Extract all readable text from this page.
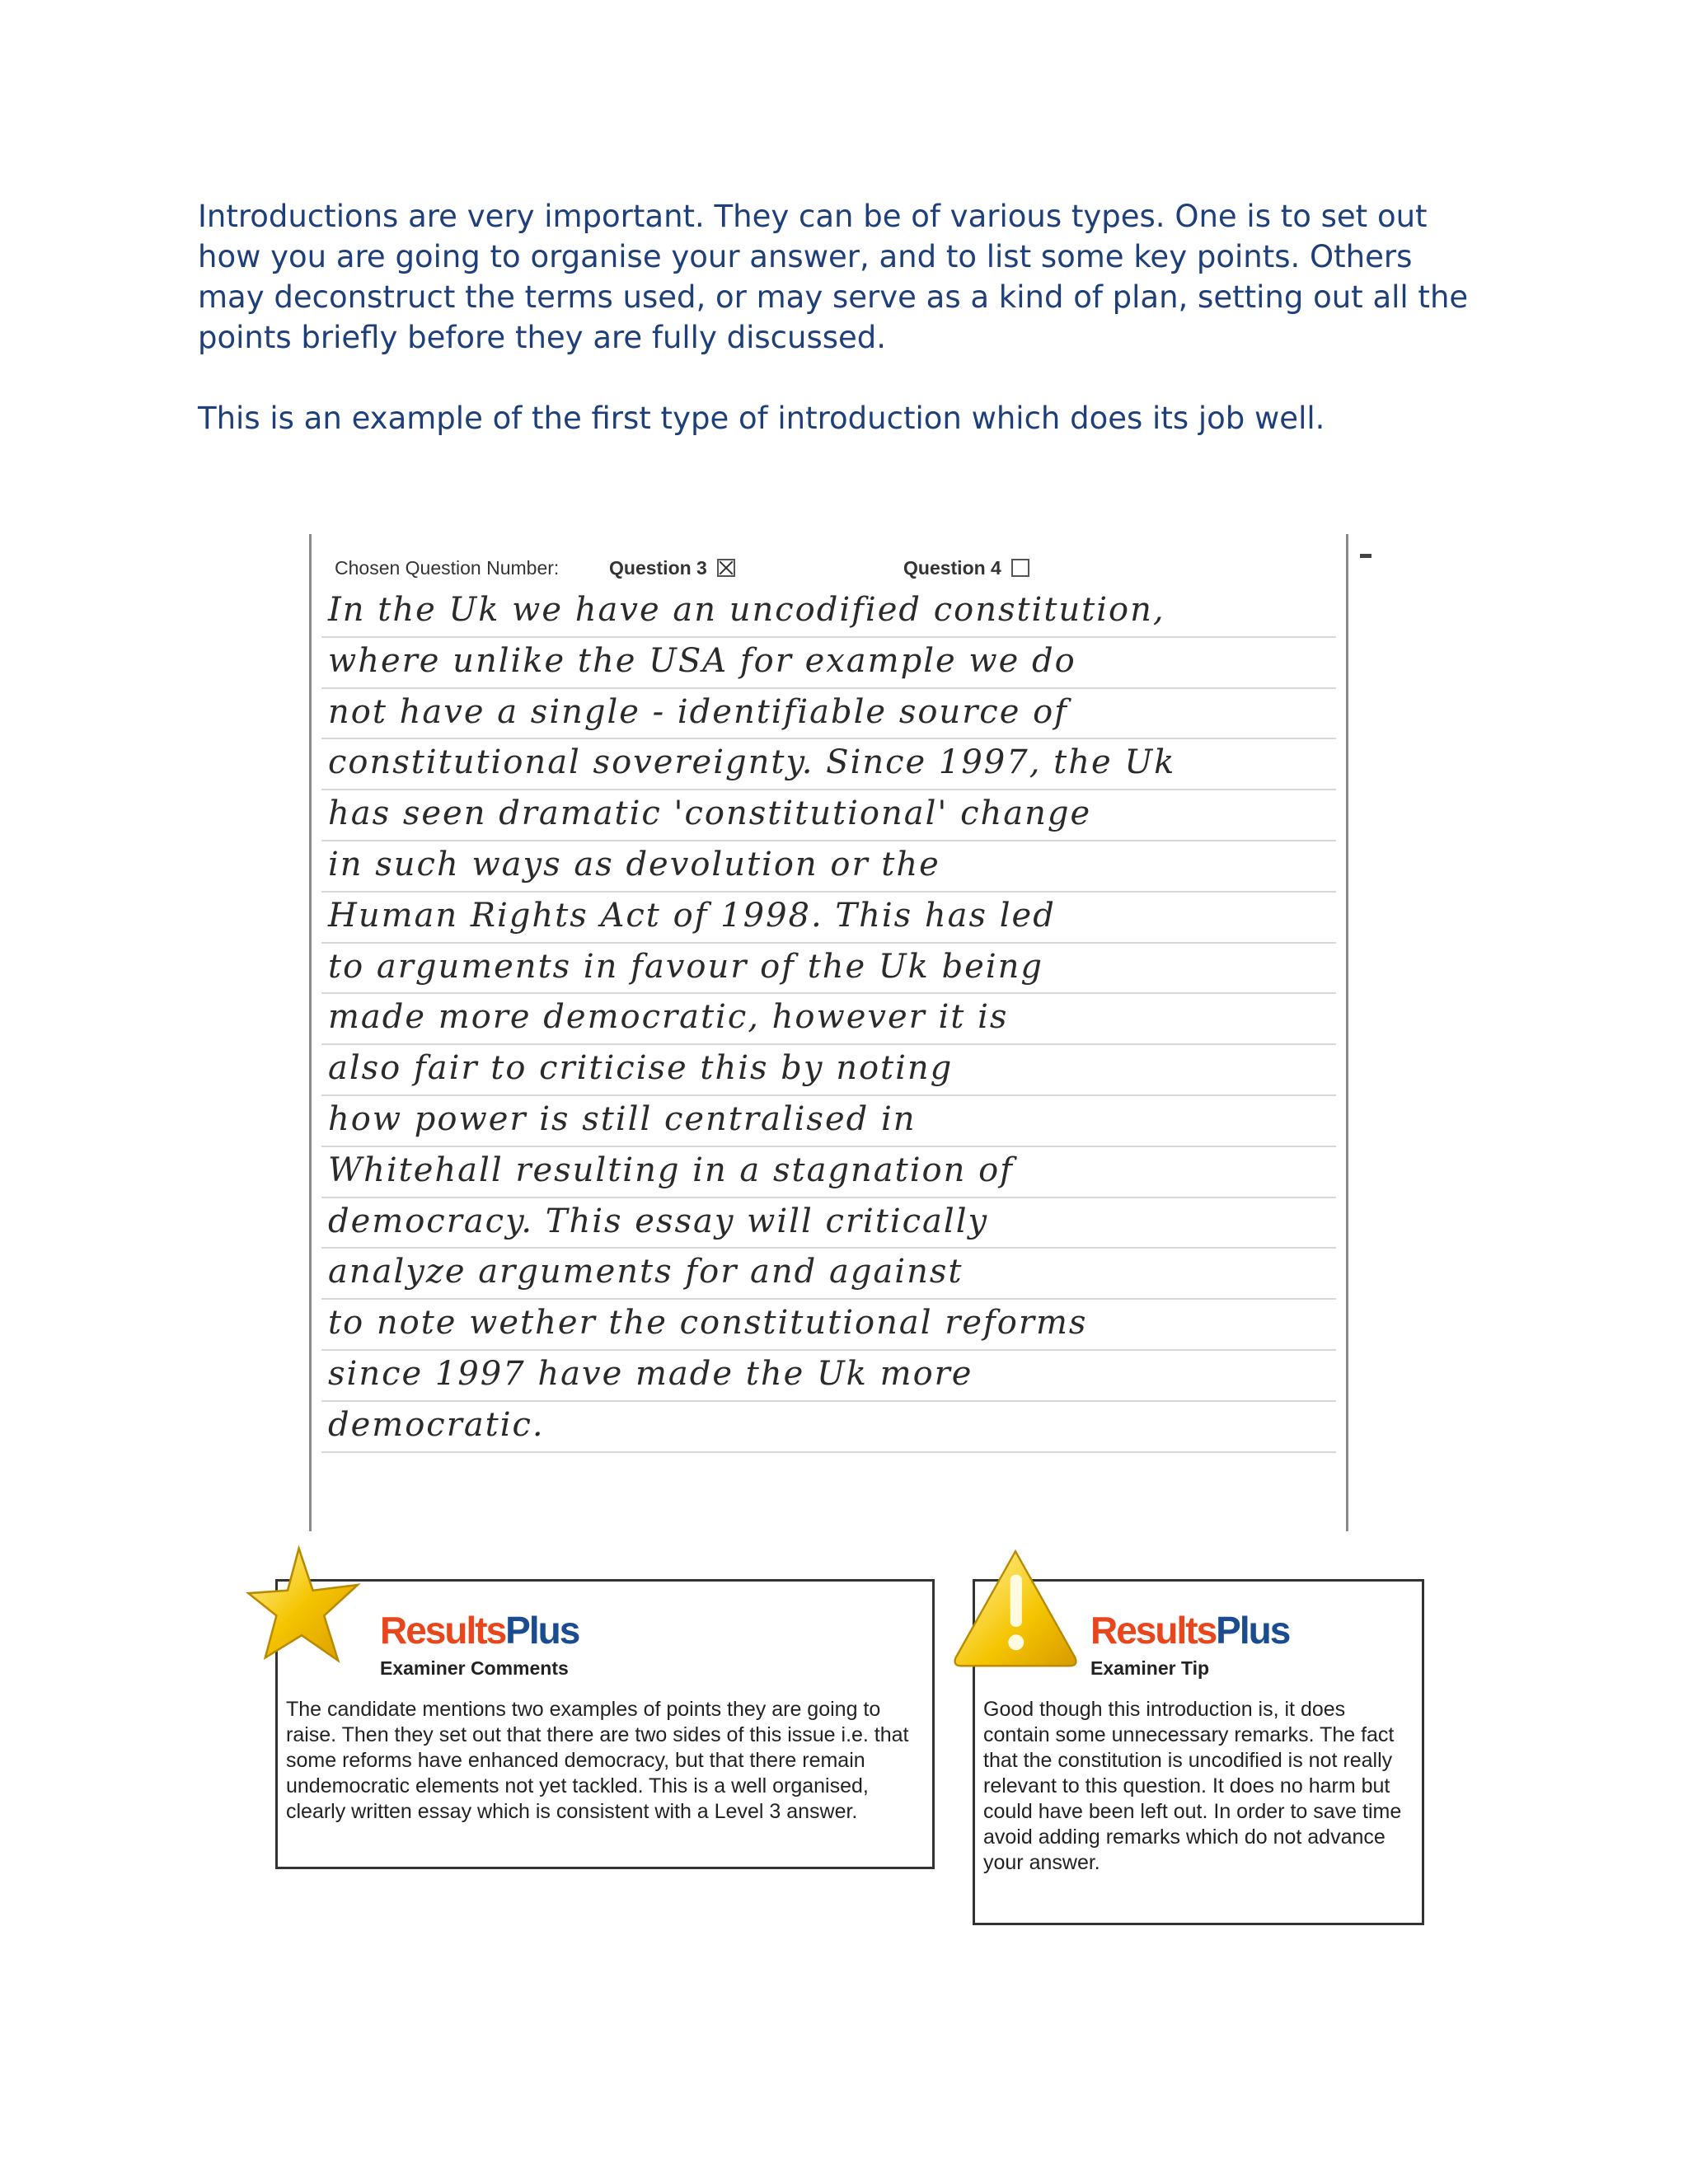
Introductions are very important. They can be of various types. One is to set out how you are going to organise your answer, and to list some key points. Others may deconstruct the terms used, or may serve as a kind of plan, setting out all the points briefly before they are fully discussed.

This is an example of the first type of introduction which does its job well.

Chosen Question Number:	Question 3	Question 4
In the Uk we have an uncodified constitution,
where unlike the USA for example we do
not have a single - identifiable source of
constitutional sovereignty. Since 1997, the Uk
has seen dramatic 'constitutional' change
in such ways as devolution or the
Human Rights Act of 1998. This has led
to arguments in favour of the Uk being
made more democratic, however it is
also fair to criticise this by noting
how power is still centralised in
Whitehall resulting in a stagnation of
democracy. This essay will critically
analyze arguments for and against
to note wether the constitutional reforms
since 1997 have made the Uk more
democratic.
ResultsPlus
Examiner Comments
The candidate mentions two examples of points they are going to raise. Then they set out that there are two sides of this issue i.e. that some reforms have enhanced democracy, but that there remain undemocratic elements not yet tackled. This is a well organised, clearly written essay which is consistent with a Level 3 answer.
ResultsPlus
Examiner Tip
Good though this introduction is, it does contain some unnecessary remarks. The fact that the constitution is uncodified is not really relevant to this question. It does no harm but could have been left out. In order to save time avoid adding remarks which do not advance your answer.
